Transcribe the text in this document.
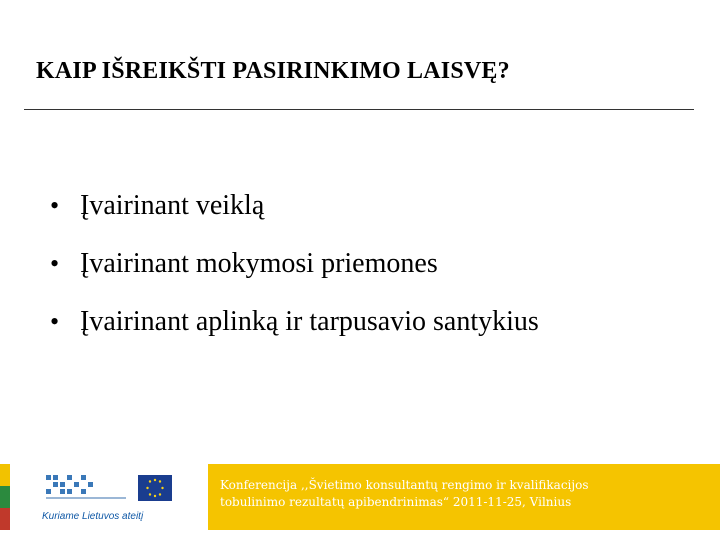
KAIP IŠREIKŠTI PASIRINKIMO LAISVĘ?
• Įvairinant veiklą
• Įvairinant mokymosi priemones
• Įvairinant aplinką ir tarpusavio santykius
Kuriame Lietuvos ateitį
Konferencija ,,Švietimo konsultantų rengimo ir kvalifikacijos
tobulinimo rezultatų apibendrinimas“ 2011-11-25, Vilnius
